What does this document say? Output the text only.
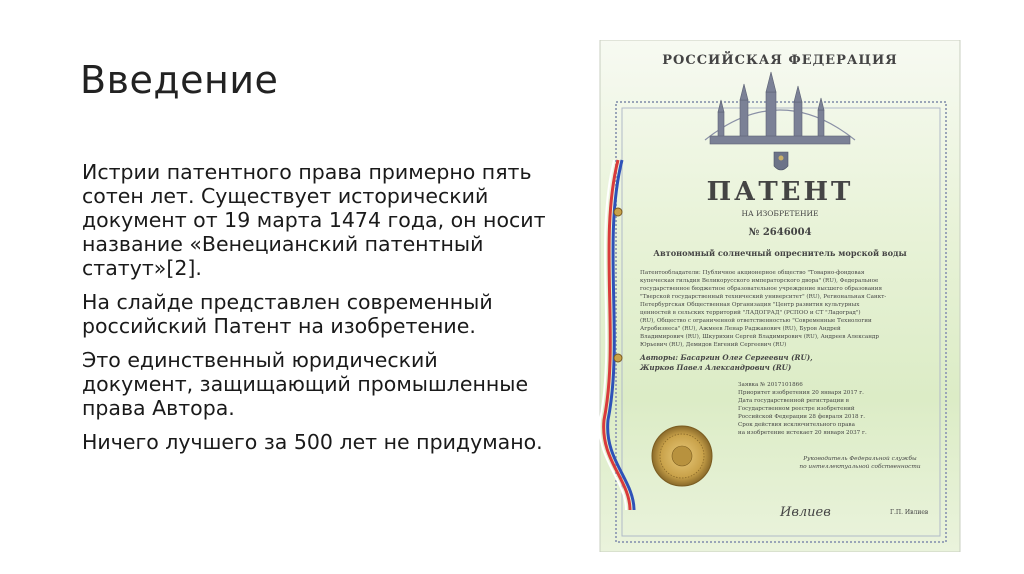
Введение

Истрии патентного права примерно пять сотен лет. Существует исторический документ от 19 марта 1474 года, он носит название «Венецианский патентный статут»[2].

На слайде представлен современный российский Патент на изобретение.

Это единственный юридический документ, защищающий промышленные права Автора.

Ничего лучшего за 500 лет не придумано.

РОССИЙСКАЯ ФЕДЕРАЦИЯ
ПАТЕНТ
НА ИЗОБРЕТЕНИЕ
№ 2646004
Автономный солнечный опреснитель морской воды
Патентообладатели: Публичное акционерное общество "Товарно-фондовая
купеческая гильдия Великорусского императорского двора" (RU), Федеральное
государственное бюджетное образовательное учреждение высшего образования
"Тверской государственный технический университет" (RU), Региональная Санкт-
Петербургская Общественная Организация "Центр развития культурных
ценностей в сельских территорий "ЛАДОГРАД" (РСПОО и СТ "Ладоград")
(RU), Общество с ограниченной ответственностью "Современные Технологии
Агробизнеса" (RU), Ажмеев Ленар Раджавович (RU), Буров Андрей
Владимирович (RU), Шкурихин Сергей Владимирович (RU), Андреев Александр
Юрьевич (RU), Демидов Евгений Сергеевич (RU)
Авторы: Басаргин Олег Сергеевич (RU),
Жирков Павел Александрович (RU)
Заявка № 2017101866
Приоритет изобретения 20 января 2017 г.
Дата государственной регистрации в
Государственном реестре изобретений
Российской Федерации 28 февраля 2018 г.
Срок действия исключительного права
на изобретение истекает 20 января 2037 г.
Руководитель Федеральной службы
по интеллектуальной собственности
Ивлиев	Г.П. Ивлиев
